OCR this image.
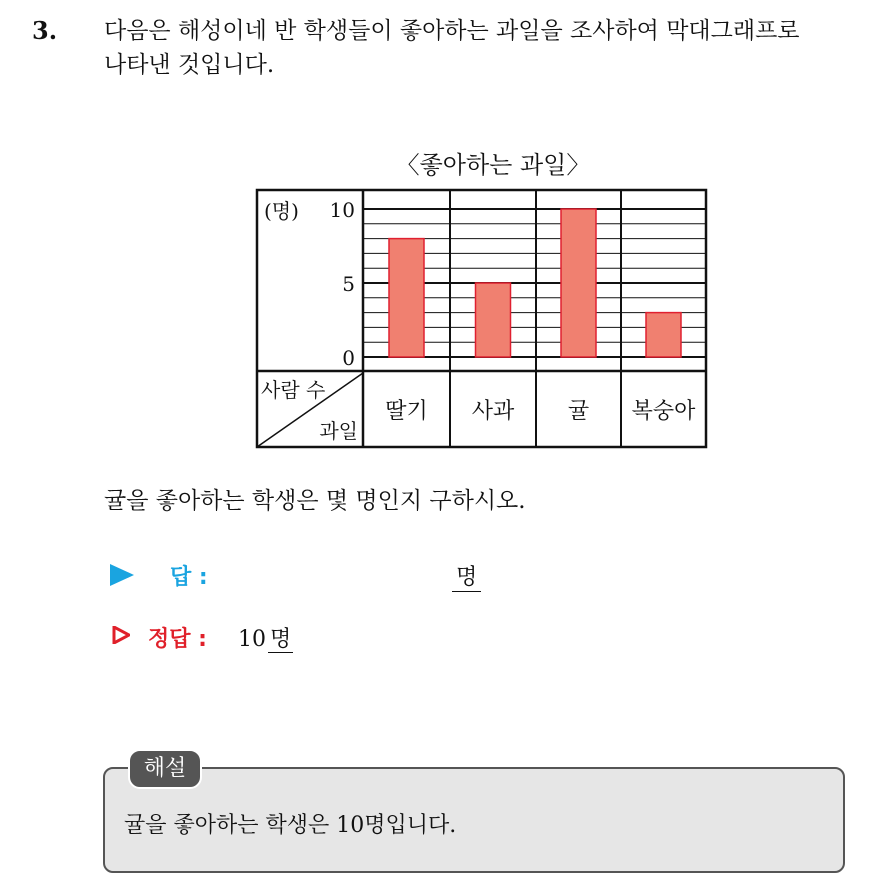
3. 다음은 해성이네 반 학생들이 좋아하는 과일을 조사하여 막대그래프로
나타낸 것입니다.
〈좋아하는 과일〉
딸기 사과 귤 복숭아
0
5
10
(명)
사람 수
과일
귤을 좋아하는 학생은 몇 명인지 구하시오.
답 :	명
정답 : 10 명
해설
귤을 좋아하는 학생은 10명입니다.
